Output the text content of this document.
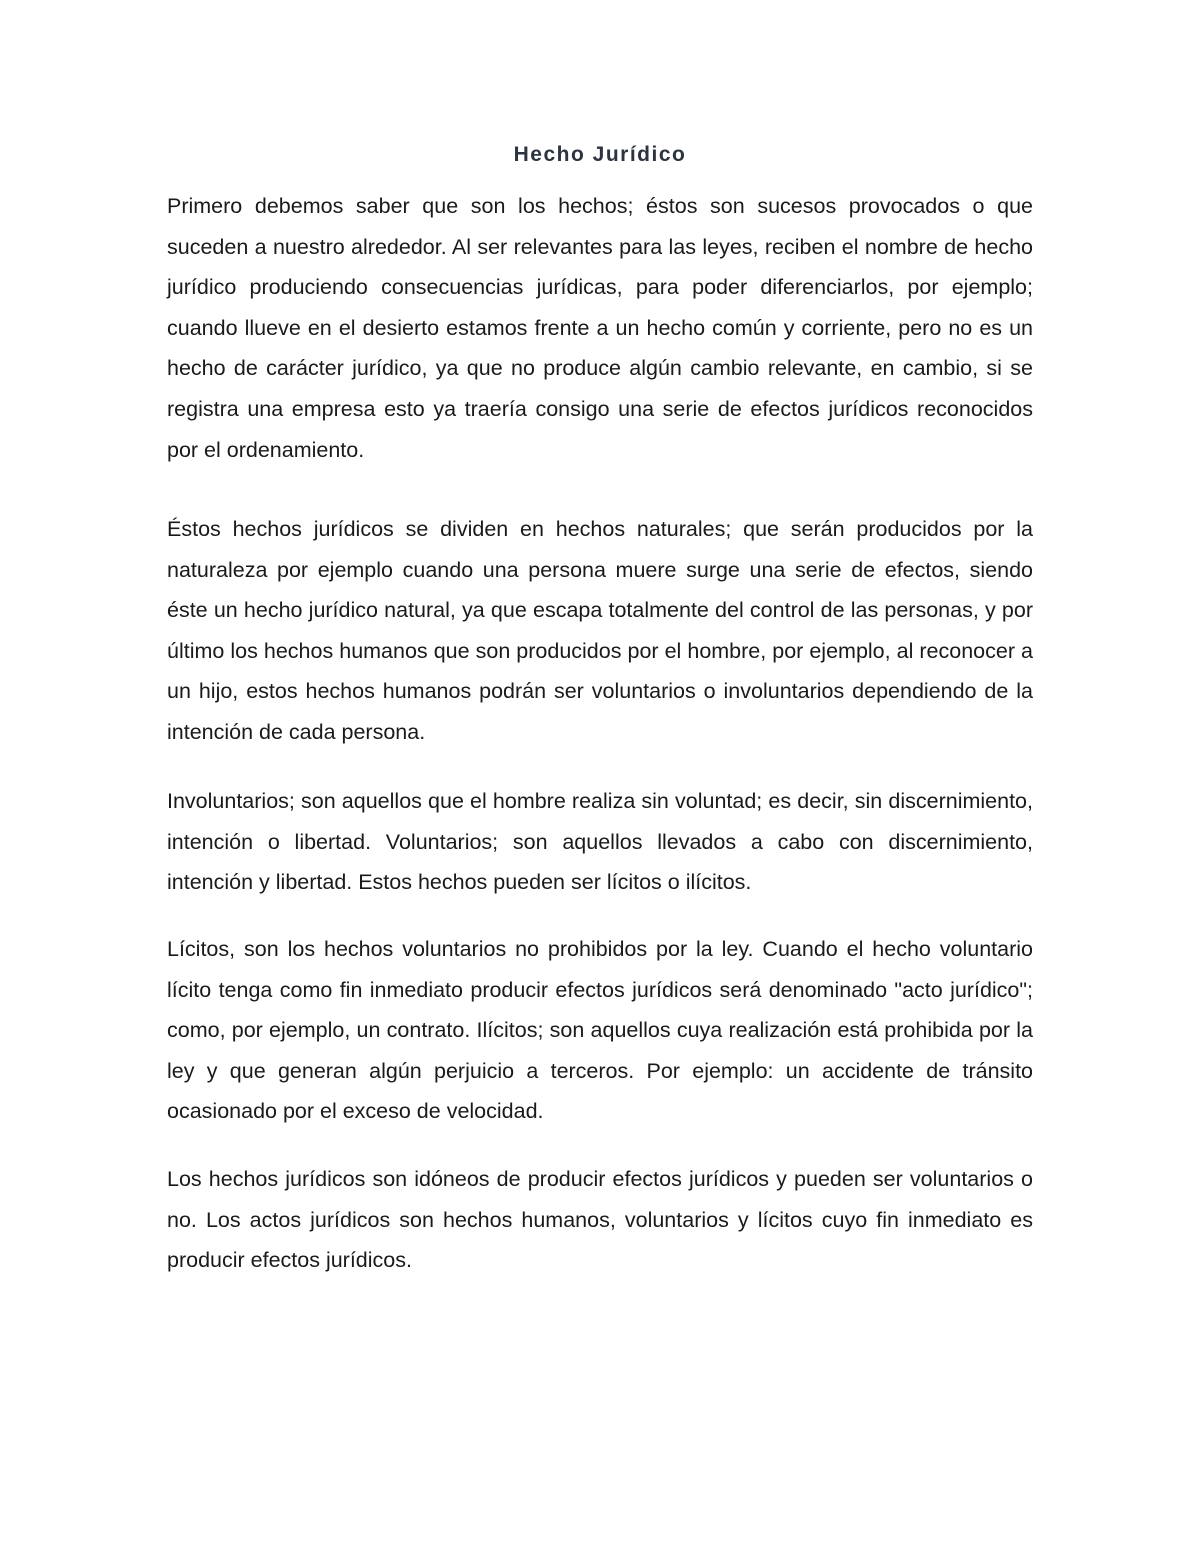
Hecho Jurídico

Primero debemos saber que son los hechos; éstos son sucesos provocados o que suceden a nuestro alrededor. Al ser relevantes para las leyes, reciben el nombre de hecho jurídico produciendo consecuencias jurídicas, para poder diferenciarlos, por ejemplo; cuando llueve en el desierto estamos frente a un hecho común y corriente, pero no es un hecho de carácter jurídico, ya que no produce algún cambio relevante, en cambio, si se registra una empresa esto ya traería consigo una serie de efectos jurídicos reconocidos por el ordenamiento.

Éstos hechos jurídicos se dividen en hechos naturales; que serán producidos por la naturaleza por ejemplo cuando una persona muere surge una serie de efectos, siendo éste un hecho jurídico natural, ya que escapa totalmente del control de las personas, y por último los hechos humanos que son producidos por el hombre, por ejemplo, al reconocer a un hijo, estos hechos humanos podrán ser voluntarios o involuntarios dependiendo de la intención de cada persona.

Involuntarios; son aquellos que el hombre realiza sin voluntad; es decir, sin discernimiento, intención o libertad. Voluntarios; son aquellos llevados a cabo con discernimiento, intención y libertad. Estos hechos pueden ser lícitos o ilícitos.

Lícitos, son los hechos voluntarios no prohibidos por la ley. Cuando el hecho voluntario lícito tenga como fin inmediato producir efectos jurídicos será denominado "acto jurídico"; como, por ejemplo, un contrato. Ilícitos; son aquellos cuya realización está prohibida por la ley y que generan algún perjuicio a terceros. Por ejemplo: un accidente de tránsito ocasionado por el exceso de velocidad.

Los hechos jurídicos son idóneos de producir efectos jurídicos y pueden ser voluntarios o no. Los actos jurídicos son hechos humanos, voluntarios y lícitos cuyo fin inmediato es producir efectos jurídicos.
